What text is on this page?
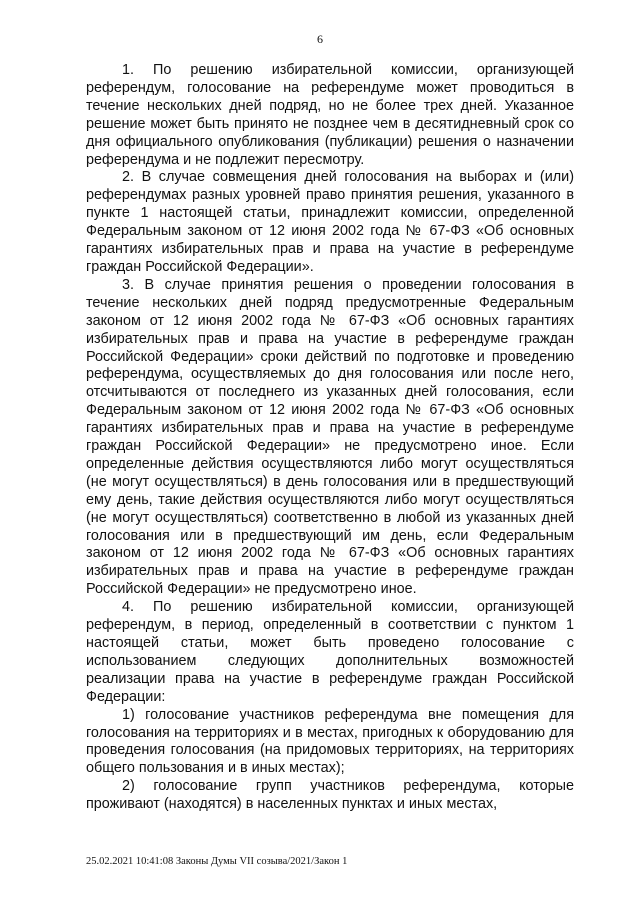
6

1. По решению избирательной комиссии, организующей референдум, голосование на референдуме может проводиться в течение нескольких дней подряд, но не более трех дней. Указанное решение может быть принято не позднее чем в десятидневный срок со дня официального опубликования (публикации) решения о назначении референдума и не подлежит пересмотру.

2. В случае совмещения дней голосования на выборах и (или) референдумах разных уровней право принятия решения, указанного в пункте 1 настоящей статьи, принадлежит комиссии, определенной Федеральным законом от 12 июня 2002 года № 67-ФЗ «Об основных гарантиях избирательных прав и права на участие в референдуме граждан Российской Федерации».

3. В случае принятия решения о проведении голосования в течение нескольких дней подряд предусмотренные Федеральным законом от 12 июня 2002 года № 67-ФЗ «Об основных гарантиях избирательных прав и права на участие в референдуме граждан Российской Федерации» сроки действий по подготовке и проведению референдума, осуществляемых до дня голосования или после него, отсчитываются от последнего из указанных дней голосования, если Федеральным законом от 12 июня 2002 года № 67-ФЗ «Об основных гарантиях избирательных прав и права на участие в референдуме граждан Российской Федерации» не предусмотрено иное. Если определенные действия осуществляются либо могут осуществляться (не могут осуществляться) в день голосования или в предшествующий ему день, такие действия осуществляются либо могут осуществляться (не могут осуществляться) соответственно в любой из указанных дней голосования или в предшествующий им день, если Федеральным законом от 12 июня 2002 года № 67-ФЗ «Об основных гарантиях избирательных прав и права на участие в референдуме граждан Российской Федерации» не предусмотрено иное.

4. По решению избирательной комиссии, организующей референдум, в период, определенный в соответствии с пунктом 1 настоящей статьи, может быть проведено голосование с использованием следующих дополнительных возможностей реализации права на участие в референдуме граждан Российской Федерации:

1) голосование участников референдума вне помещения для голосования на территориях и в местах, пригодных к оборудованию для проведения голосования (на придомовых территориях, на территориях общего пользования и в иных местах);

2) голосование групп участников референдума, которые проживают (находятся) в населенных пунктах и иных местах,

25.02.2021 10:41:08 Законы Думы VII созыва/2021/Закон 1
